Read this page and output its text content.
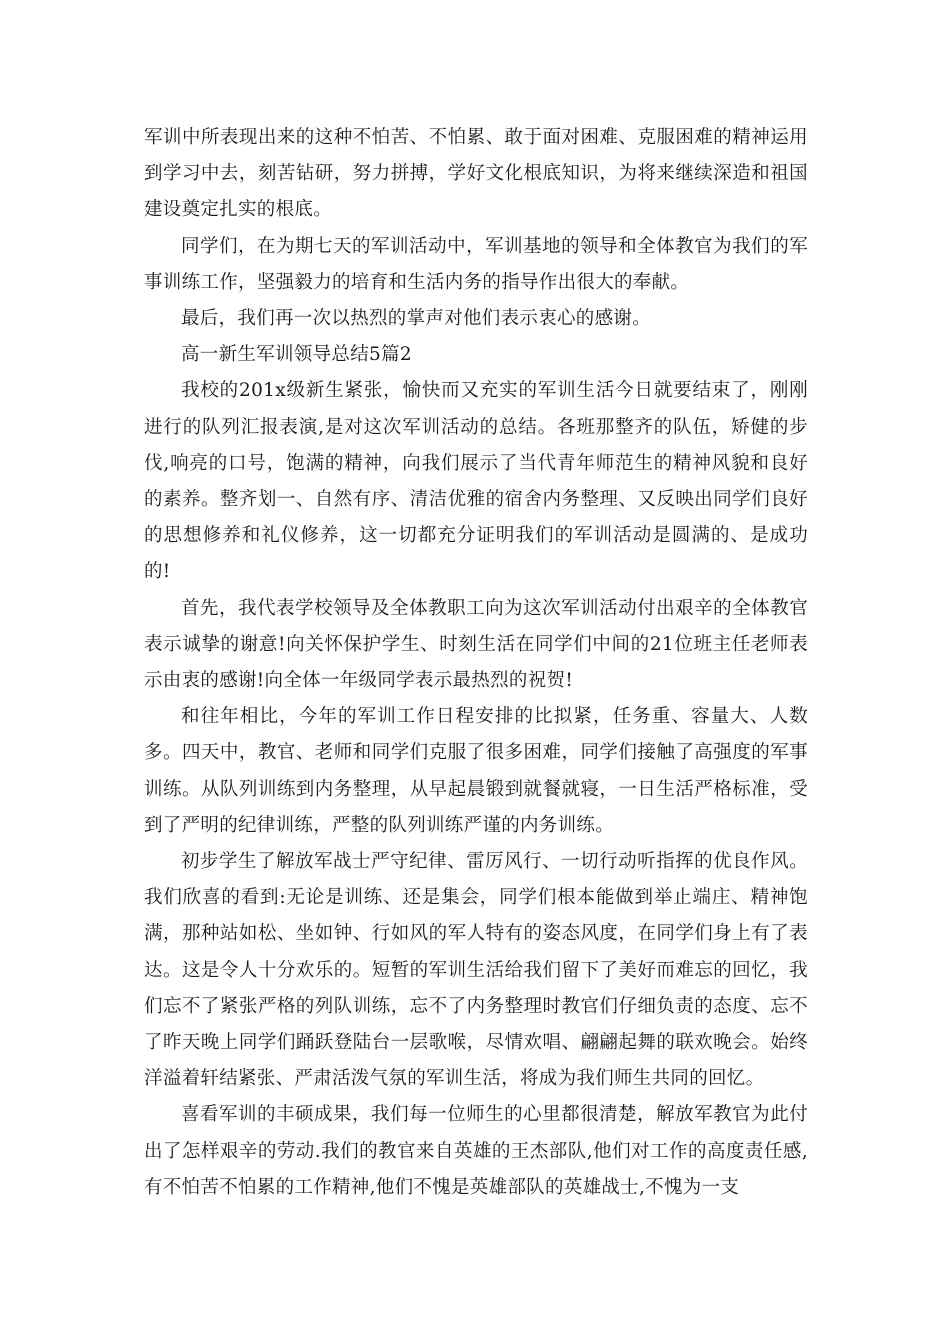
军训中所表现出来的这种不怕苦、不怕累、敢于面对困难、克服困难的精神运用到学习中去，刻苦钻研，努力拼搏，学好文化根底知识，为将来继续深造和祖国建设奠定扎实的根底。

同学们，在为期七天的军训活动中，军训基地的领导和全体教官为我们的军事训练工作，坚强毅力的培育和生活内务的指导作出很大的奉献。

最后，我们再一次以热烈的掌声对他们表示衷心的感谢。

高一新生军训领导总结5篇2

我校的201x级新生紧张，愉快而又充实的军训生活今日就要结束了，刚刚进行的队列汇报表演,是对这次军训活动的总结。各班那整齐的队伍，矫健的步伐,响亮的口号，饱满的精神，向我们展示了当代青年师范生的精神风貌和良好的素养。整齐划一、自然有序、清洁优雅的宿舍内务整理、又反映出同学们良好的思想修养和礼仪修养，这一切都充分证明我们的军训活动是圆满的、是成功的!

首先，我代表学校领导及全体教职工向为这次军训活动付出艰辛的全体教官表示诚挚的谢意!向关怀保护学生、时刻生活在同学们中间的21位班主任老师表示由衷的感谢!向全体一年级同学表示最热烈的祝贺!

和往年相比，今年的军训工作日程安排的比拟紧，任务重、容量大、人数多。四天中，教官、老师和同学们克服了很多困难，同学们接触了高强度的军事训练。从队列训练到内务整理，从早起晨锻到就餐就寝，一日生活严格标准，受到了严明的纪律训练，严整的队列训练严谨的内务训练。

初步学生了解放军战士严守纪律、雷厉风行、一切行动听指挥的优良作风。我们欣喜的看到:无论是训练、还是集会，同学们根本能做到举止端庄、精神饱满，那种站如松、坐如钟、行如风的军人特有的姿态风度，在同学们身上有了表达。这是令人十分欢乐的。短暂的军训生活给我们留下了美好而难忘的回忆，我们忘不了紧张严格的列队训练，忘不了内务整理时教官们仔细负责的态度、忘不了昨天晚上同学们踊跃登陆台一层歌喉，尽情欢唱、翩翩起舞的联欢晚会。始终洋溢着轩结紧张、严肃活泼气氛的军训生活，将成为我们师生共同的回忆。

喜看军训的丰硕成果，我们每一位师生的心里都很清楚，解放军教官为此付出了怎样艰辛的劳动.我们的教官来自英雄的王杰部队,他们对工作的高度责任感,有不怕苦不怕累的工作精神,他们不愧是英雄部队的英雄战士,不愧为一支
